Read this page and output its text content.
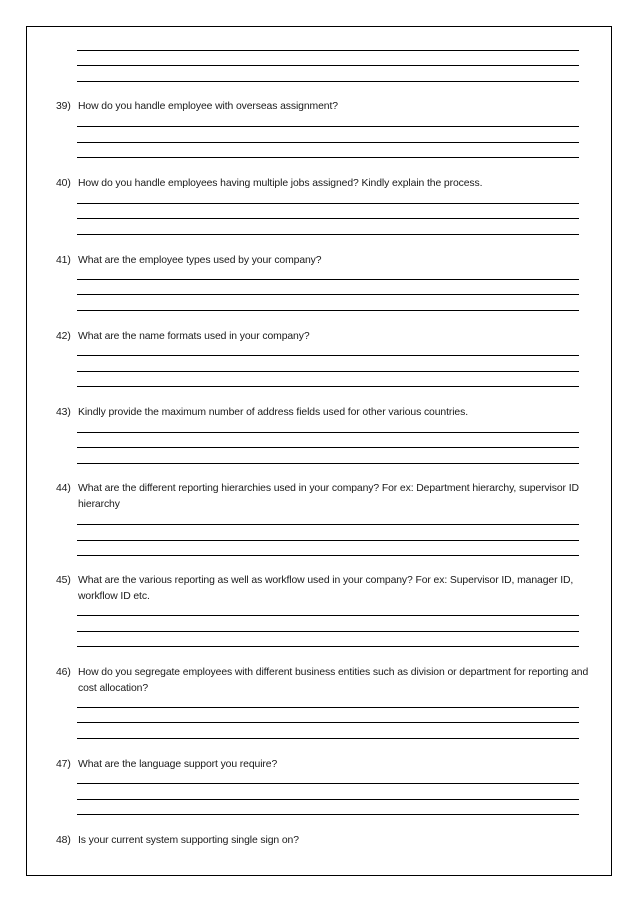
39) How do you handle employee with overseas assignment?
40) How do you handle employees having multiple jobs assigned? Kindly explain the process.
41) What are the employee types used by your company?
42) What are the name formats used in your company?
43) Kindly provide the maximum number of address fields used for other various countries.
44) What are the different reporting hierarchies used in your company? For ex: Department hierarchy, supervisor ID hierarchy
45) What are the various reporting as well as workflow used in your company? For ex: Supervisor ID, manager ID, workflow ID etc.
46) How do you segregate employees with different business entities such as division or department for reporting and cost allocation?
47) What are the language support you require?
48) Is your current system supporting single sign on?
